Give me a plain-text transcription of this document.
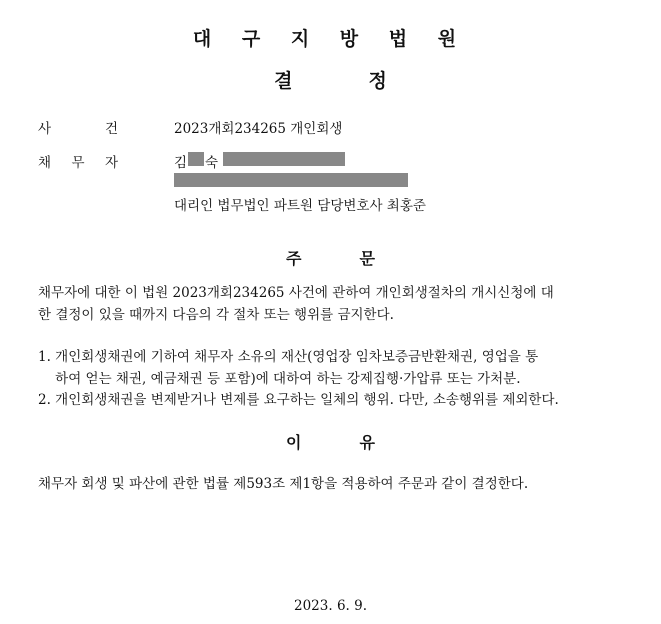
대 구 지 방 법 원
결	정
사	건	2023개회234265 개인회생
채 무 자	김 숙
대리인 법무법인 파트원 담당변호사 최홍준
주	문
채무자에 대한 이 법원 2023개회234265 사건에 관하여 개인회생절차의 개시신청에 대
한 결정이 있을 때까지 다음의 각 절차 또는 행위를 금지한다.
1. 개인회생채권에 기하여 채무자 소유의 재산(영업장 임차보증금반환채권, 영업을 통
하여 얻는 채권, 예금채권 등 포함)에 대하여 하는 강제집행·가압류 또는 가처분.
2. 개인회생채권을 변제받거나 변제를 요구하는 일체의 행위. 다만, 소송행위를 제외한다.
이	유
채무자 회생 및 파산에 관한 법률 제593조 제1항을 적용하여 주문과 같이 결정한다.
2023. 6. 9.
